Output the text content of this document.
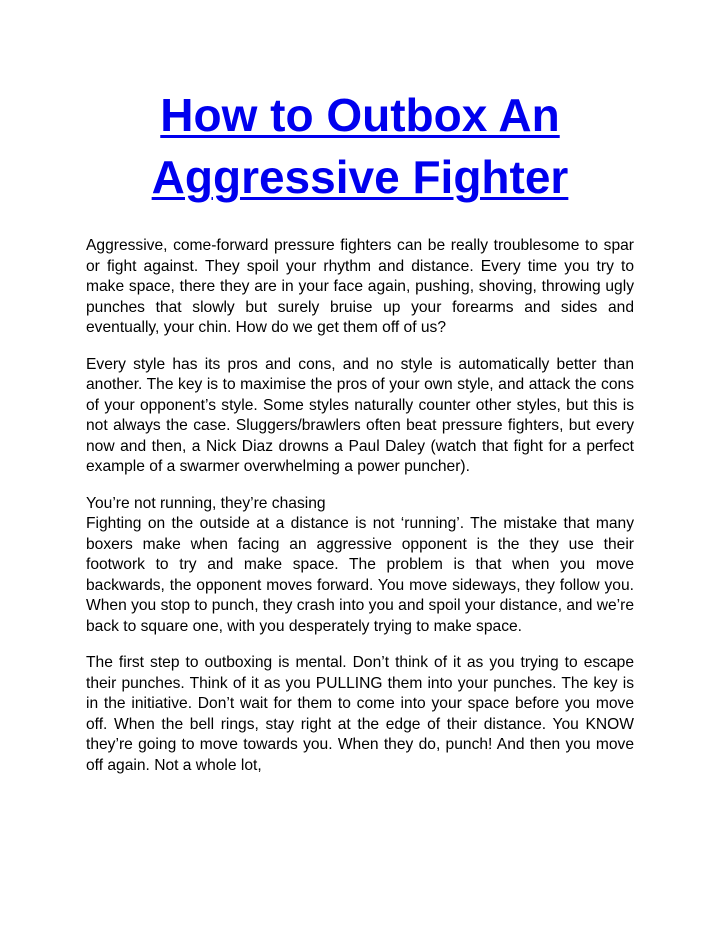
How to Outbox An Aggressive Fighter

Aggressive, come-forward pressure fighters can be really troublesome to spar or fight against. They spoil your rhythm and distance. Every time you try to make space, there they are in your face again, pushing, shoving, throwing ugly punches that slowly but surely bruise up your forearms and sides and eventually, your chin. How do we get them off of us?

Every style has its pros and cons, and no style is automatically better than another. The key is to maximise the pros of your own style, and attack the cons of your opponent’s style. Some styles naturally counter other styles, but this is not always the case. Sluggers/brawlers often beat pressure fighters, but every now and then, a Nick Diaz drowns a Paul Daley (watch that fight for a perfect example of a swarmer overwhelming a power puncher).

You’re not running, they’re chasing

Fighting on the outside at a distance is not ‘running’. The mistake that many boxers make when facing an aggressive opponent is the they use their footwork to try and make space. The problem is that when you move backwards, the opponent moves forward. You move sideways, they follow you. When you stop to punch, they crash into you and spoil your distance, and we’re back to square one, with you desperately trying to make space.

The first step to outboxing is mental. Don’t think of it as you trying to escape their punches. Think of it as you PULLING them into your punches. The key is in the initiative. Don’t wait for them to come into your space before you move off. When the bell rings, stay right at the edge of their distance. You KNOW they’re going to move towards you. When they do, punch! And then you move off again. Not a whole lot,
